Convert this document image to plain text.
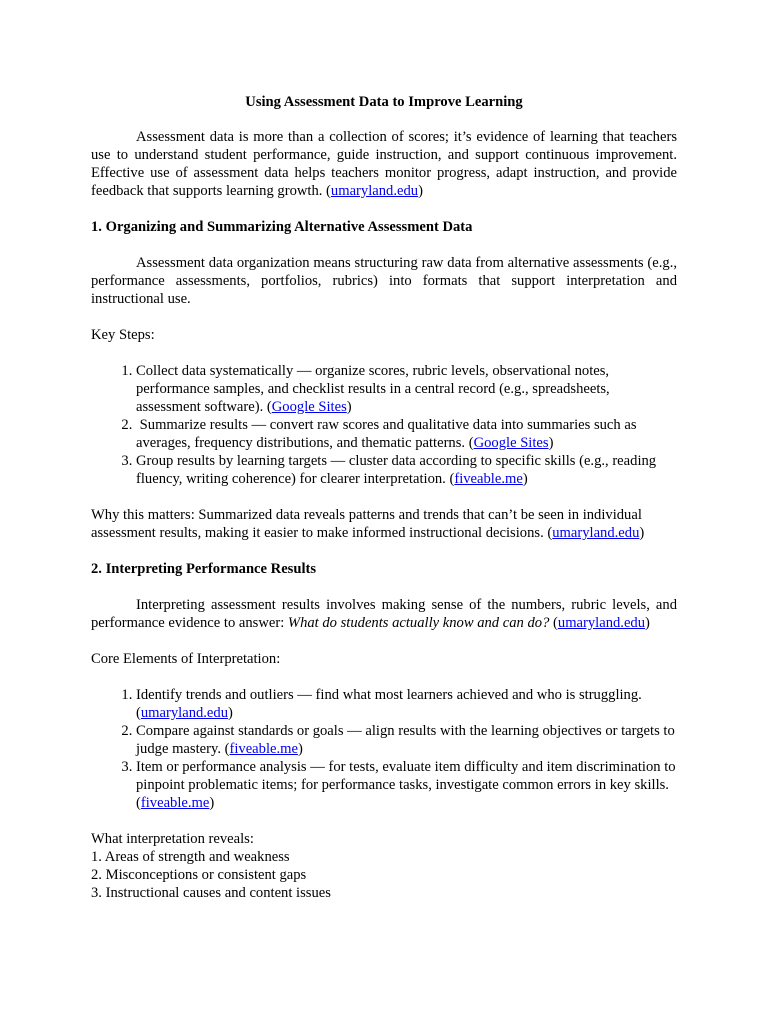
Using Assessment Data to Improve Learning

Assessment data is more than a collection of scores; it’s evidence of learning that teachers use to understand student performance, guide instruction, and support continuous improvement. Effective use of assessment data helps teachers monitor progress, adapt instruction, and provide feedback that supports learning growth. (umaryland.edu)

1. Organizing and Summarizing Alternative Assessment Data

Assessment data organization means structuring raw data from alternative assessments (e.g., performance assessments, portfolios, rubrics) into formats that support interpretation and instructional use.

Key Steps:
1. Collect data systematically — organize scores, rubric levels, observational notes, performance samples, and checklist results in a central record (e.g., spreadsheets, assessment software). (Google Sites)
2.  Summarize results — convert raw scores and qualitative data into summaries such as averages, frequency distributions, and thematic patterns. (Google Sites)
3. Group results by learning targets — cluster data according to specific skills (e.g., reading fluency, writing coherence) for clearer interpretation. (fiveable.me)
Why this matters: Summarized data reveals patterns and trends that can’t be seen in individual assessment results, making it easier to make informed instructional decisions. (umaryland.edu)
2. Interpreting Performance Results

Interpreting assessment results involves making sense of the numbers, rubric levels, and performance evidence to answer: What do students actually know and can do? (umaryland.edu)

Core Elements of Interpretation:
1. Identify trends and outliers — find what most learners achieved and who is struggling. (umaryland.edu)
2. Compare against standards or goals — align results with the learning objectives or targets to judge mastery. (fiveable.me)
3. Item or performance analysis — for tests, evaluate item difficulty and item discrimination to pinpoint problematic items; for performance tasks, investigate common errors in key skills. (fiveable.me)
What interpretation reveals:
1. Areas of strength and weakness
2. Misconceptions or consistent gaps
3. Instructional causes and content issues
